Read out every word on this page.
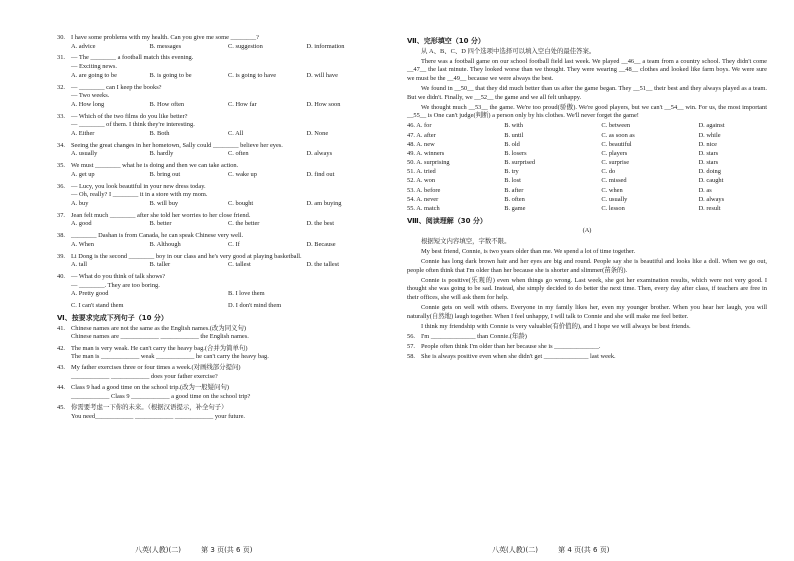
30. I have some problems with my health. Can you give me some ________?
A. advice	B. messages	C. suggestion	D. information
31. — The ________ a football match this evening.
— Exciting news.
A. are going to be	B. is going to be	C. is going to have	D. will have
32. — ________ can I keep the books?
— Two weeks.
A. How long	B. How often	C. How far	D. How soon
33. — Which of the two films do you like better?
— ________ of them. I think they're interesting.
A. Either	B. Both	C. All	D. None
34. Seeing the great changes in her hometown, Sally could ________ believe her eyes.
A. usually	B. hardly	C. often	D. always
35. We must ________ what he is doing and then we can take action.
A. get up	B. bring out	C. wake up	D. find out
36. — Lucy, you look beautiful in your new dress today.
— Oh, really? I ________ it in a store with my mom.
A. buy	B. will buy	C. bought	D. am buying
37. Jean felt much ________ after she told her worries to her close friend.
A. good	B. better	C. the better	D. the best
38. ________ Dashan is from Canada, he can speak Chinese very well.
A. When	B. Although	C. If	D. Because
39. Li Dong is the second ________ boy in our class and he's very good at playing basketball.
A. tall	B. taller	C. tallest	D. the tallest
40. — What do you think of talk shows?
— ________. They are too boring.
A. Pretty good	B. I love them
C. I can't stand them	D. I don't mind them
Ⅵ、按要求完成下列句子（10 分）
41. Chinese names are not the same as the English names.(改为同义句)
Chinese names are ____________ ____________ the English names.
42. The man is very weak. He can't carry the heavy bag.(合并为简单句)
The man is ____________ weak ____________ he can't carry the heavy bag.
43. My father exercises three or four times a week.(对画线部分提问)
____________ ____________ does your father exercise?
44. Class 9 had a good time on the school trip.(改为一般疑问句)
____________ Class 9 ____________ a good time on the school trip?
45. 你需要考虑一下你的未来。（根据汉语提示，补全句子）
You need____________ ____________ ____________ your future.
Ⅶ、完形填空（10 分）
从 A、B、C、D 四个选项中选择可以填入空白处的最佳答案。
There was a football game on our school football field last week. We played __46__ a team from a country school. They didn't come __47__ the last minute. They looked worse than we thought. They were wearing __48__ clothes and looked like farm boys. We were sure we must be the __49__ because we were always the best.
We found in __50__ that they did much better than us after the game began. They __51__ their best and they always played as a team. But we didn't. Finally, we __52__ the game and we all felt unhappy.
We thought much __53__ the game. We're too proud(骄傲). We're good players, but we can't __54__ win. For us, the most important __55__ is One can't judge(判断) a person only by his clothes. We'll never forget the game!
46. A. for	B. with	C. between	D. against
47. A. after	B. until	C. as soon as	D. while
48. A. new	B. old	C. beautiful	D. nice
49. A. winners	B. losers	C. players	D. stars
50. A. surprising	B. surprised	C. surprise	D. stars
51. A. tried	B. try	C. do	D. doing
52. A. won	B. lost	C. missed	D. caught
53. A. before	B. after	C. when	D. as
54. A. never	B. often	C. usually	D. always
55. A. match	B. game	C. lesson	D. result
Ⅷ、阅读理解（30 分）
(A)
根据短文内容填空，字数不限。
My best friend, Connie, is two years older than me. We spend a lot of time together.
Connie has long dark brown hair and her eyes are big and round. People say she is beautiful and looks like a doll. When we go out, people often think that I'm older than her because she is shorter and slimmer(苗条的).
Connie is positive(乐观的) even when things go wrong. Last week, she got her examination results, which were not very good. I thought she was going to be sad. Instead, she simply decided to do better the next time. Then, every day after class, if teachers are free in their offices, she will ask them for help.
Connie gets on well with others. Everyone in my family likes her, even my younger brother. When you hear her laugh, you will naturally(自然地) laugh together. When I feel unhappy, I will talk to Connie and she will make me feel better.
I think my friendship with Connie is very valuable(有价值的), and I hope we will always be best friends.
56. I'm ______________ than Connie.(年龄)
57. People often think I'm older than her because she is ______________.
58. She is always positive even when she didn't get ______________ last week.
八英(人教)(二)	第 3 页(共 6 页)	八英(人教)(二)	第 4 页(共 6 页)
